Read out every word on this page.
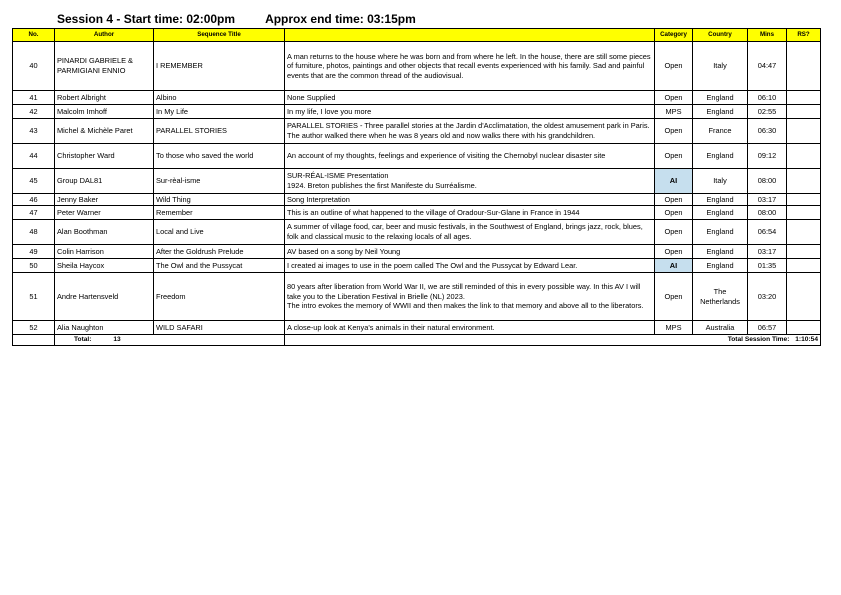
Session 4 - Start time: 02:00pm	Approx end time: 03:15pm
No.	Author	Sequence Title		Category	Country	Mins	RS?
40	PINARDI GABRIELE & PARMIGIANI ENNIO	I REMEMBER	A man returns to the house where he was born and from where he left. In the house, there are still some pieces of furniture, photos, paintings and other objects that recall events experienced with his family. Sad and painful events that are the common thread of the audiovisual.	Open	Italy	04:47	
41	Robert Albright	Albino	None Supplied	Open	England	06:10	
42	Malcolm Imhoff	In My Life	In my life, I love you more	MPS	England	02:55	
43	Michel & Michèle Paret	PARALLEL STORIES	PARALLEL STORIES - Three parallel stories at the Jardin d'Acclimatation, the oldest amusement park in Paris. The author walked there when he was 8 years old and now walks there with his grandchildren.	Open	France	06:30	
44	Christopher Ward	To those who saved the world	An account of my thoughts, feelings and experience of visiting the Chernobyl nuclear disaster site	Open	England	09:12	
45	Group DAL81	Sur-rèal-isme	SUR-RÉAL-ISME Presentation
1924. Breton publishes the first Manifeste du Surréalisme.	AI	Italy	08:00	
46	Jenny Baker	Wild Thing	Song Interpretation	Open	England	03:17	
47	Peter Warner	Remember	This is an outline of what happened to the village of Oradour-Sur-Glane in France in 1944	Open	England	08:00	
48	Alan Boothman	Local and Live	A summer of village food, car, beer and music festivals, in the Southwest of England, brings jazz, rock, blues, folk and classical music to the relaxing locals of all ages.	Open	England	06:54	
49	Colin Harrison	After the Goldrush Prelude	AV based on a song by Neil Young	Open	England	03:17	
50	Sheila Haycox	The Owl and the Pussycat	I created ai images to use in the poem called The Owl and the Pussycat by Edward Lear.	AI	England	01:35	
51	Andre Hartensveld	Freedom	80 years after liberation from World War II, we are still reminded of this in every possible way. In this AV I will take you to the Liberation Festival in Brielle (NL) 2023.
The intro evokes the memory of WWII and then makes the link to that memory and above all to the liberators.	Open	The Netherlands	03:20	
52	Alia Naughton	WILD SAFARI	A close-up look at Kenya's animals in their natural environment.	MPS	Australia	06:57	
	Total: 13		Total Session Time: 1:10:54				
